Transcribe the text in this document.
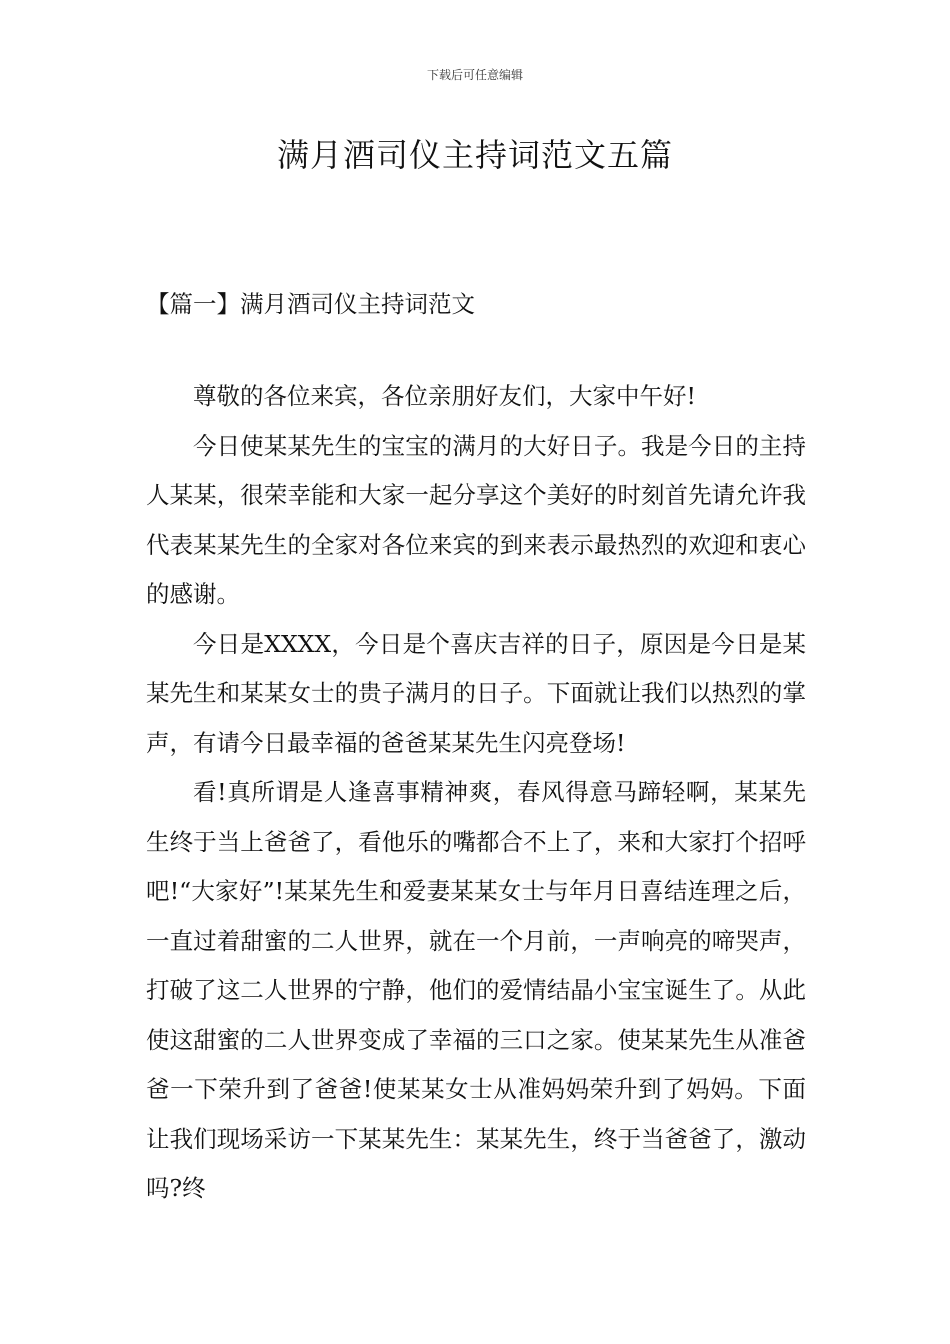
下载后可任意编辑
满月酒司仪主持词范文五篇
【篇一】满月酒司仪主持词范文

尊敬的各位来宾，各位亲朋好友们，大家中午好!

今日使某某先生的宝宝的满月的大好日子。我是今日的主持人某某，很荣幸能和大家一起分享这个美好的时刻首先请允许我代表某某先生的全家对各位来宾的到来表示最热烈的欢迎和衷心的感谢。

今日是XXXX，今日是个喜庆吉祥的日子，原因是今日是某某先生和某某女士的贵子满月的日子。下面就让我们以热烈的掌声，有请今日最幸福的爸爸某某先生闪亮登场!

看!真所谓是人逢喜事精神爽，春风得意马蹄轻啊，某某先生终于当上爸爸了，看他乐的嘴都合不上了，来和大家打个招呼吧!“大家好”!某某先生和爱妻某某女士与年月日喜结连理之后，一直过着甜蜜的二人世界，就在一个月前，一声响亮的啼哭声，打破了这二人世界的宁静，他们的爱情结晶小宝宝诞生了。从此使这甜蜜的二人世界变成了幸福的三口之家。使某某先生从准爸爸一下荣升到了爸爸!使某某女士从准妈妈荣升到了妈妈。下面让我们现场采访一下某某先生：某某先生，终于当爸爸了，激动吗?终
